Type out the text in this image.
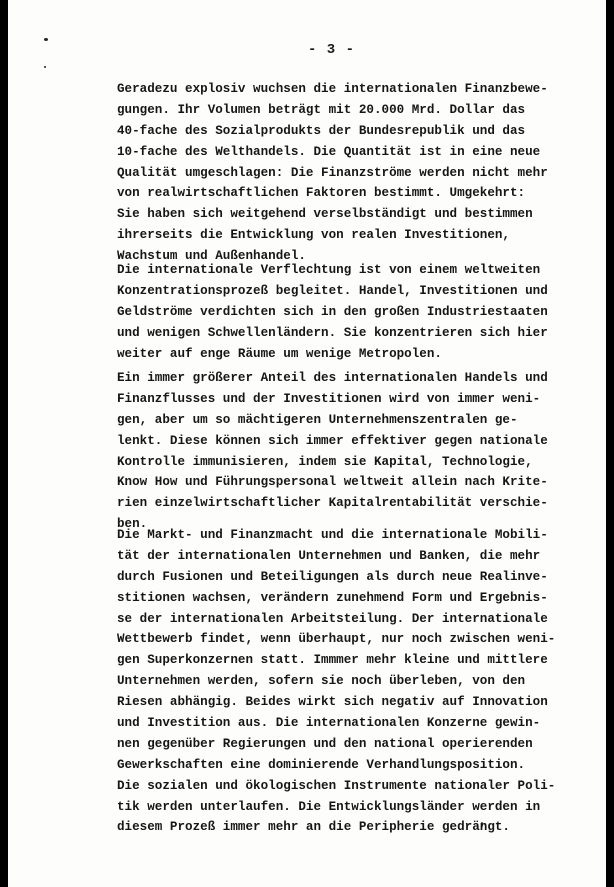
- 3 -
Geradezu explosiv wuchsen die internationalen Finanzbewe-
gungen. Ihr Volumen beträgt mit 20.000 Mrd. Dollar das
40-fache des Sozialprodukts der Bundesrepublik und das
10-fache des Welthandels. Die Quantität ist in eine neue
Qualität umgeschlagen: Die Finanzströme werden nicht mehr
von realwirtschaftlichen Faktoren bestimmt. Umgekehrt:
Sie haben sich weitgehend verselbständigt und bestimmen
ihrerseits die Entwicklung von realen Investitionen,
Wachstum und Außenhandel.
Die internationale Verflechtung ist von einem weltweiten
Konzentrationsprozeß begleitet. Handel, Investitionen und
Geldströme verdichten sich in den großen Industriestaaten
und wenigen Schwellenländern. Sie konzentrieren sich hier
weiter auf enge Räume um wenige Metropolen.
Ein immer größerer Anteil des internationalen Handels und
Finanzflusses und der Investitionen wird von immer weni-
gen, aber um so mächtigeren Unternehmenszentralen ge-
lenkt. Diese können sich immer effektiver gegen nationale
Kontrolle immunisieren, indem sie Kapital, Technologie,
Know How und Führungspersonal weltweit allein nach Krite-
rien einzelwirtschaftlicher Kapitalrentabilität verschie-
ben.
Die Markt- und Finanzmacht und die internationale Mobili-
tät der internationalen Unternehmen und Banken, die mehr
durch Fusionen und Beteiligungen als durch neue Realinve-
stitionen wachsen, verändern zunehmend Form und Ergebnis-
se der internationalen Arbeitsteilung. Der internationale
Wettbewerb findet, wenn überhaupt, nur noch zwischen weni-
gen Superkonzernen statt. Immmer mehr kleine und mittlere
Unternehmen werden, sofern sie noch überleben, von den
Riesen abhängig. Beides wirkt sich negativ auf Innovation
und Investition aus. Die internationalen Konzerne gewin-
nen gegenüber Regierungen und den national operierenden
Gewerkschaften eine dominierende Verhandlungsposition.
Die sozialen und ökologischen Instrumente nationaler Poli-
tik werden unterlaufen. Die Entwicklungsländer werden in
diesem Prozeß immer mehr an die Peripherie gedrängt.
